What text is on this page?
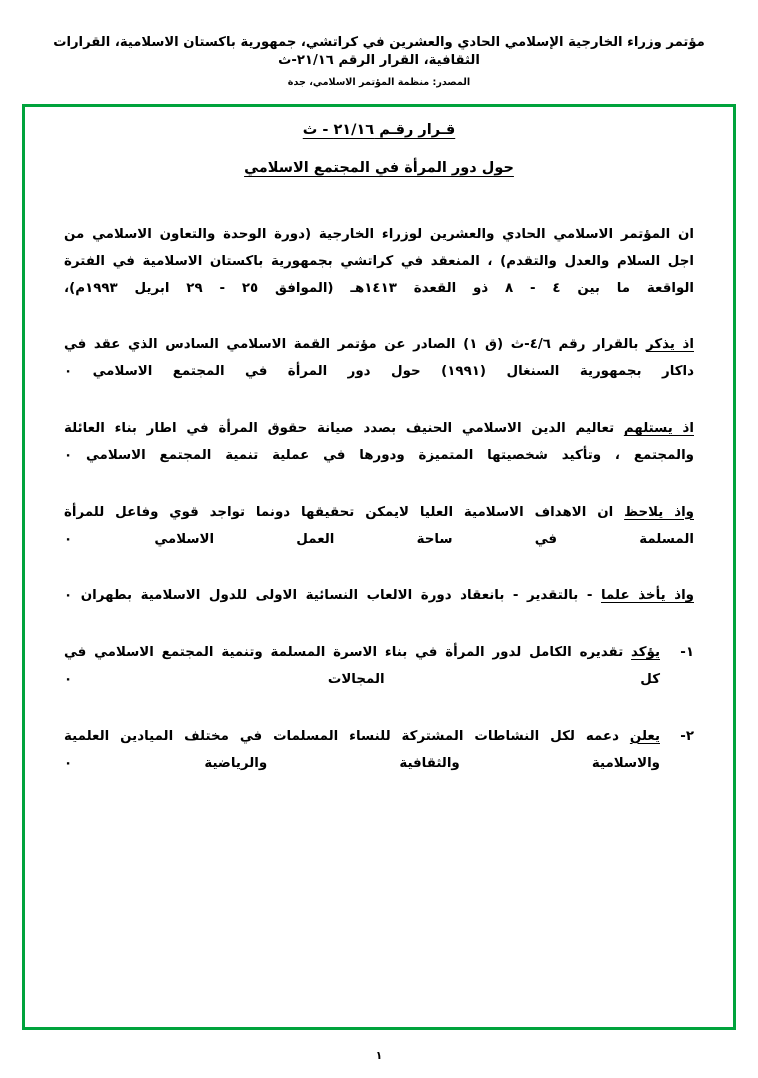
مؤتمر وزراء الخارجية الإسلامي الحادي والعشرين في كراتشي، جمهورية باكستان الاسلامية، القرارات الثقافية، القرار الرقم ٢١/١٦-ث
المصدر: منظمة المؤتمر الاسلامي، جدة
قـرار رقـم ٢١/١٦ - ث
حول دور المرأة في المجتمع الاسلامي
ان المؤتمر الاسلامي الحادي والعشرين لوزراء الخارجية (دورة الوحدة والتعاون الاسلامي من اجل السلام والعدل والتقدم) ، المنعقد في كراتشي بجمهورية باكستان الاسلامية في الفترة الواقعة ما بين ٤ - ٨ ذو القعدة ١٤١٣هـ (الموافق ٢٥ - ٢٩ ابريل ١٩٩٣م)،
اذ يذكر بالقرار رقم ٤/٦-ث (ق ١) الصادر عن مؤتمر القمة الاسلامي السادس الذي عقد في داكار بجمهورية السنغال (١٩٩١) حول دور المرأة في المجتمع الاسلامي ٠
اذ يستلهم تعاليم الدين الاسلامي الحنيف بصدد صيانة حقوق المرأة في اطار بناء العائلة والمجتمع ، وتأكيد شخصيتها المتميزة ودورها في عملية تنمية المجتمع الاسلامي ٠
واذ يلاحظ ان الاهداف الاسلامية العليا لايمكن تحقيقها دونما تواجد قوي وفاعل للمرأة المسلمة في ساحة العمل الاسلامي ٠
واذ يأخذ علما - بالتقدير - بانعقاد دورة الالعاب النسائية الاولى للدول الاسلامية بطهران ٠
١-
يؤكد تقديره الكامل لدور المرأة في بناء الاسرة المسلمة وتنمية المجتمع الاسلامي في كل المجالات ٠
٢-
يعلن دعمه لكل النشاطات المشتركة للنساء المسلمات في مختلف الميادين العلمية والاسلامية والثقافية والرياضية ٠
١
